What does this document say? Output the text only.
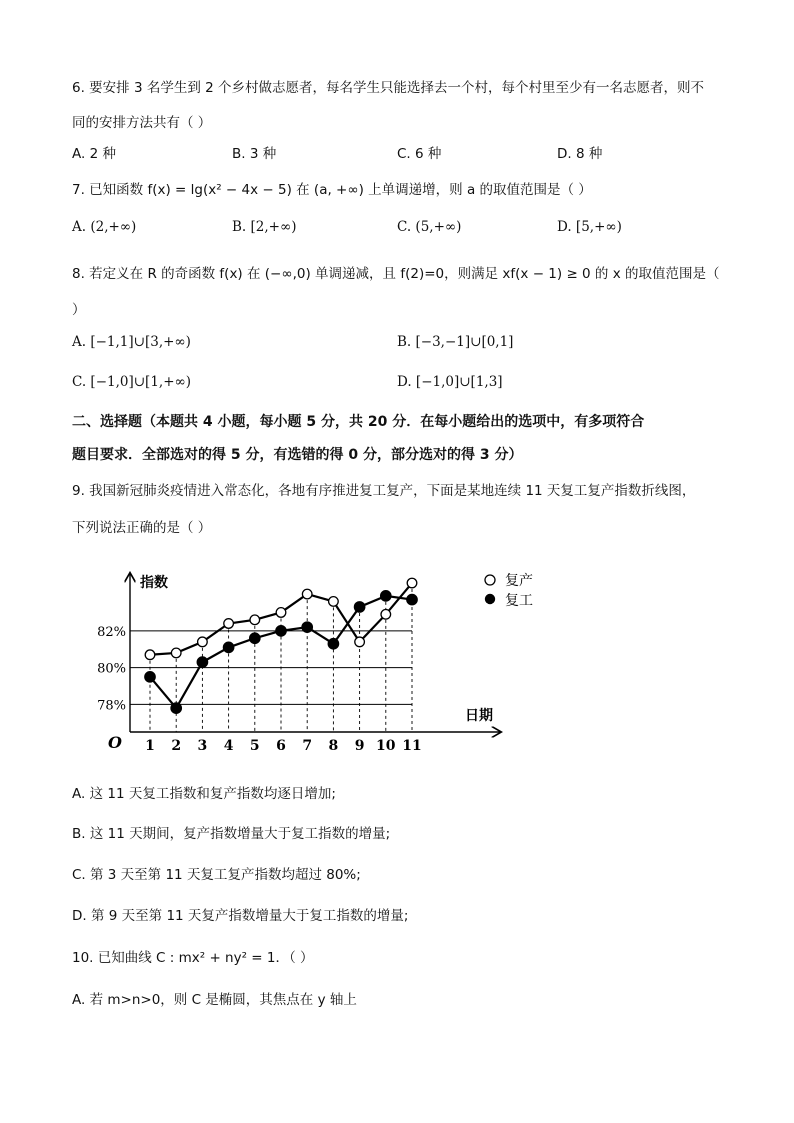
6. 要安排 3 名学生到 2 个乡村做志愿者，每名学生只能选择去一个村，每个村里至少有一名志愿者，则不
同的安排方法共有（ ）
A. 2 种	B. 3 种	C. 6 种	D. 8 种
7. 已知函数 f(x) = lg(x² − 4x − 5) 在 (a, +∞) 上单调递增，则 a 的取值范围是（ ）
A. (2,+∞)	B. [2,+∞)	C. (5,+∞)	D. [5,+∞)
8. 若定义在 R 的奇函数 f(x) 在 (−∞,0) 单调递减，且 f(2)=0，则满足 xf(x − 1) ≥ 0 的 x 的取值范围是（
）
A. [−1,1]∪[3,+∞)	B. [−3,−1]∪[0,1]
C. [−1,0]∪[1,+∞)	D. [−1,0]∪[1,3]
二、选择题（本题共 4 小题，每小题 5 分，共 20 分．在每小题给出的选项中，有多项符合
题目要求．全部选对的得 5 分，有选错的得 0 分，部分选对的得 3 分）
9. 我国新冠肺炎疫情进入常态化，各地有序推进复工复产，下面是某地连续 11 天复工复产指数折线图，
下列说法正确的是（ ）
指数
日期
O
78%
80%
82%
1 2 3 4 5 6 7 8 9 10 11
复产
复工
A. 这 11 天复工指数和复产指数均逐日增加;
B. 这 11 天期间，复产指数增量大于复工指数的增量;
C. 第 3 天至第 11 天复工复产指数均超过 80%;
D. 第 9 天至第 11 天复产指数增量大于复工指数的增量;
10. 已知曲线 C : mx² + ny² = 1．（ ）
A. 若 m>n>0，则 C 是椭圆，其焦点在 y 轴上
